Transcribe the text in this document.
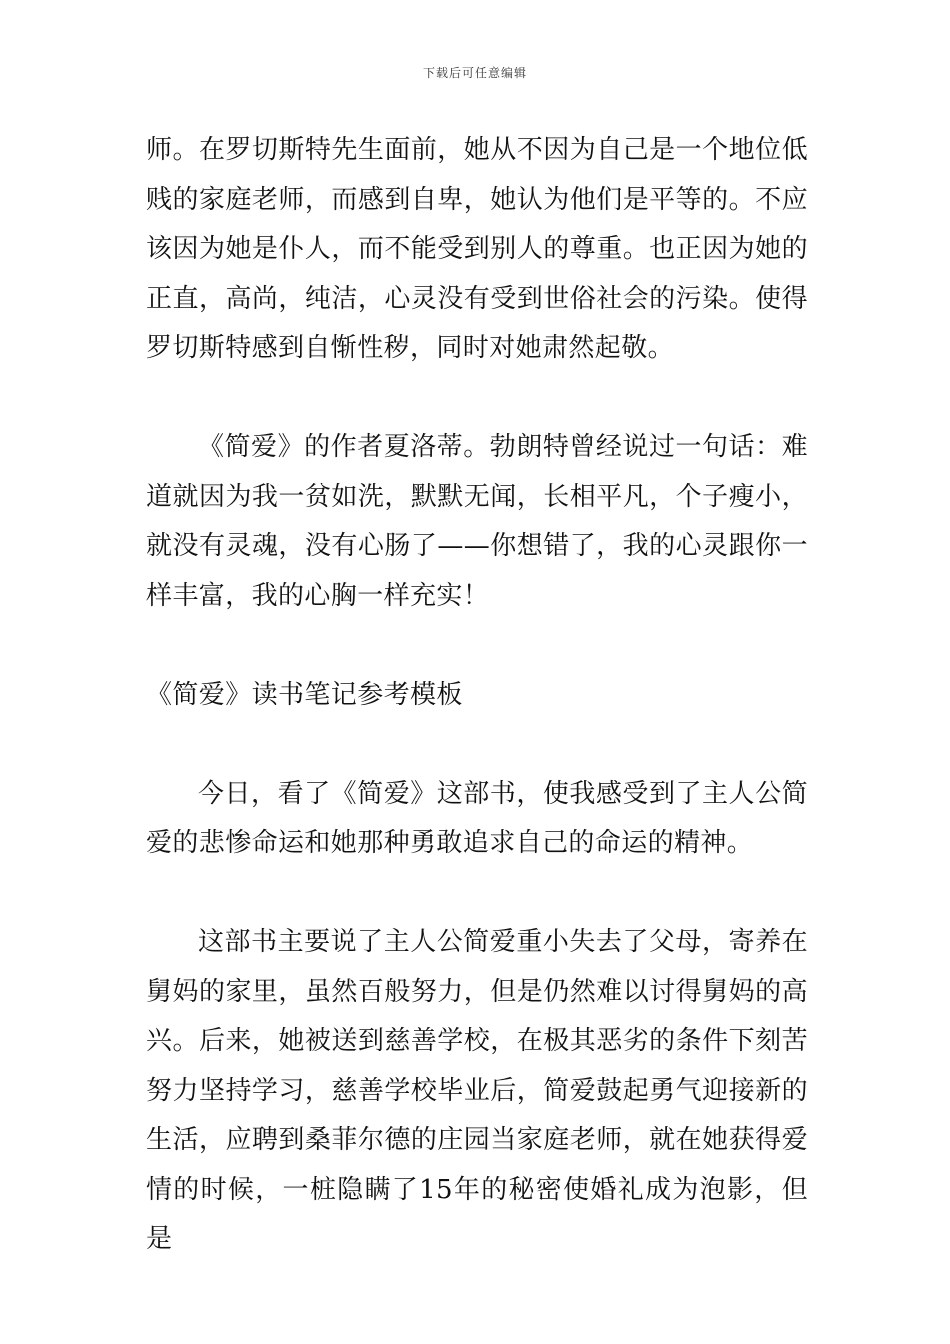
下载后可任意编辑

师。在罗切斯特先生面前，她从不因为自己是一个地位低贱的家庭老师，而感到自卑，她认为他们是平等的。不应该因为她是仆人，而不能受到别人的尊重。也正因为她的正直，高尚，纯洁，心灵没有受到世俗社会的污染。使得罗切斯特感到自惭性秽，同时对她肃然起敬。

《简爱》的作者夏洛蒂。勃朗特曾经说过一句话：难道就因为我一贫如洗，默默无闻，长相平凡，个子瘦小，就没有灵魂，没有心肠了——你想错了，我的心灵跟你一样丰富，我的心胸一样充实！

《简爱》读书笔记参考模板

今日，看了《简爱》这部书，使我感受到了主人公简爱的悲惨命运和她那种勇敢追求自己的命运的精神。

这部书主要说了主人公简爱重小失去了父母，寄养在舅妈的家里，虽然百般努力，但是仍然难以讨得舅妈的高兴。后来，她被送到慈善学校，在极其恶劣的条件下刻苦努力坚持学习，慈善学校毕业后，简爱鼓起勇气迎接新的生活，应聘到桑菲尔德的庄园当家庭老师，就在她获得爱情的时候，一桩隐瞒了15年的秘密使婚礼成为泡影，但是
